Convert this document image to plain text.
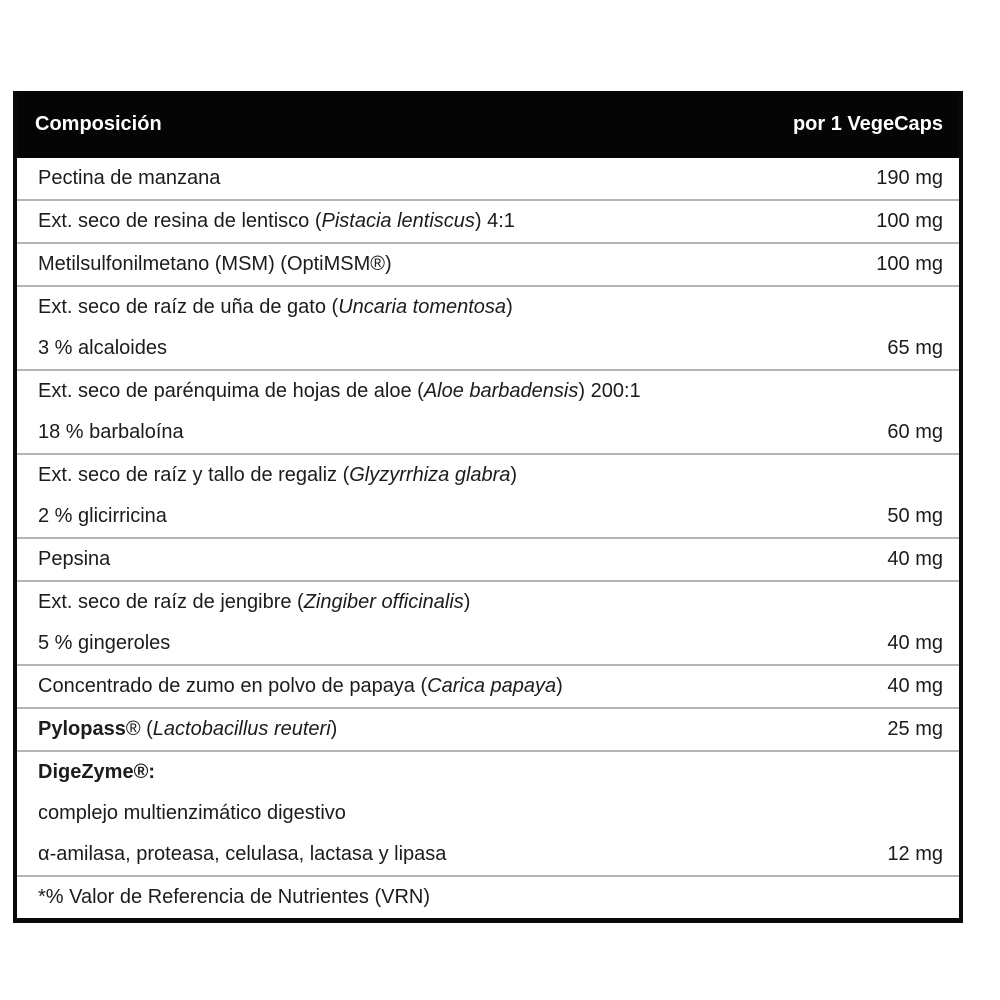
Composición	por 1 VegeCaps
Pectina de manzana	190 mg
Ext. seco de resina de lentisco (Pistacia lentiscus) 4:1	100 mg
Metilsulfonilmetano (MSM) (OptiMSM®)	100 mg
Ext. seco de raíz de uña de gato (Uncaria tomentosa)
3 % alcaloides	65 mg
Ext. seco de parénquima de hojas de aloe (Aloe barbadensis) 200:1
18 % barbaloína	60 mg
Ext. seco de raíz y tallo de regaliz (Glyzyrrhiza glabra)
2 % glicirricina	50 mg
Pepsina	40 mg
Ext. seco de raíz de jengibre (Zingiber officinalis)
5 % gingeroles	40 mg
Concentrado de zumo en polvo de papaya (Carica papaya)	40 mg
Pylopass® (Lactobacillus reuteri)	25 mg
DigeZyme®:
complejo multienzimático digestivo
α-amilasa, proteasa, celulasa, lactasa y lipasa	12 mg
*% Valor de Referencia de Nutrientes (VRN)
